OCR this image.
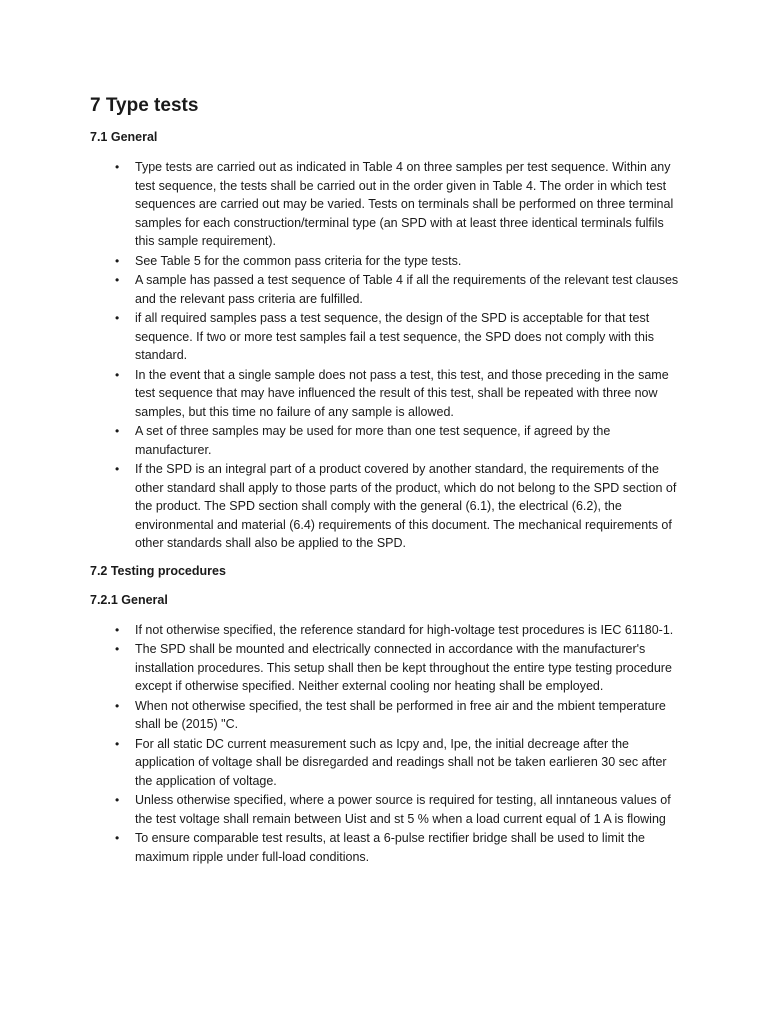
7 Type tests
7.1 General
• Type tests are carried out as indicated in Table 4 on three samples per test sequence. Within any test sequence, the tests shall be carried out in the order given in Table 4. The order in which test sequences are carried out may be varied. Tests on terminals shall be performed on three terminal samples for each construction/terminal type (an SPD with at least three identical terminals fulfils this sample requirement).
• See Table 5 for the common pass criteria for the type tests.
• A sample has passed a test sequence of Table 4 if all the requirements of the relevant test clauses and the relevant pass criteria are fulfilled.
• if all required samples pass a test sequence, the design of the SPD is acceptable for that test sequence. If two or more test samples fail a test sequence, the SPD does not comply with this standard.
• In the event that a single sample does not pass a test, this test, and those preceding in the same test sequence that may have influenced the result of this test, shall be repeated with three now samples, but this time no failure of any sample is allowed.
• A set of three samples may be used for more than one test sequence, if agreed by the manufacturer.
• If the SPD is an integral part of a product covered by another standard, the requirements of the other standard shall apply to those parts of the product, which do not belong to the SPD section of the product. The SPD section shall comply with the general (6.1), the electrical (6.2), the environmental and material (6.4) requirements of this document. The mechanical requirements of other standards shall also be applied to the SPD.
7.2 Testing procedures
7.2.1 General
• If not otherwise specified, the reference standard for high-voltage test procedures is IEC 61180-1.
• The SPD shall be mounted and electrically connected in accordance with the manufacturer's installation procedures. This setup shall then be kept throughout the entire type testing procedure except if otherwise specified. Neither external cooling nor heating shall be employed.
• When not otherwise specified, the test shall be performed in free air and the mbient temperature shall be (2015) "C.
• For all static DC current measurement such as Icpy and, Ipe, the initial decreage after the application of voltage shall be disregarded and readings shall not be taken earlieren 30 sec after the application of voltage.
• Unless otherwise specified, where a power source is required for testing, all inntaneous values of the test voltage shall remain between Uist and st 5 % when a load current equal of 1 A is flowing
• To ensure comparable test results, at least a 6-pulse rectifier bridge shall be used to limit the maximum ripple under full-load conditions.
